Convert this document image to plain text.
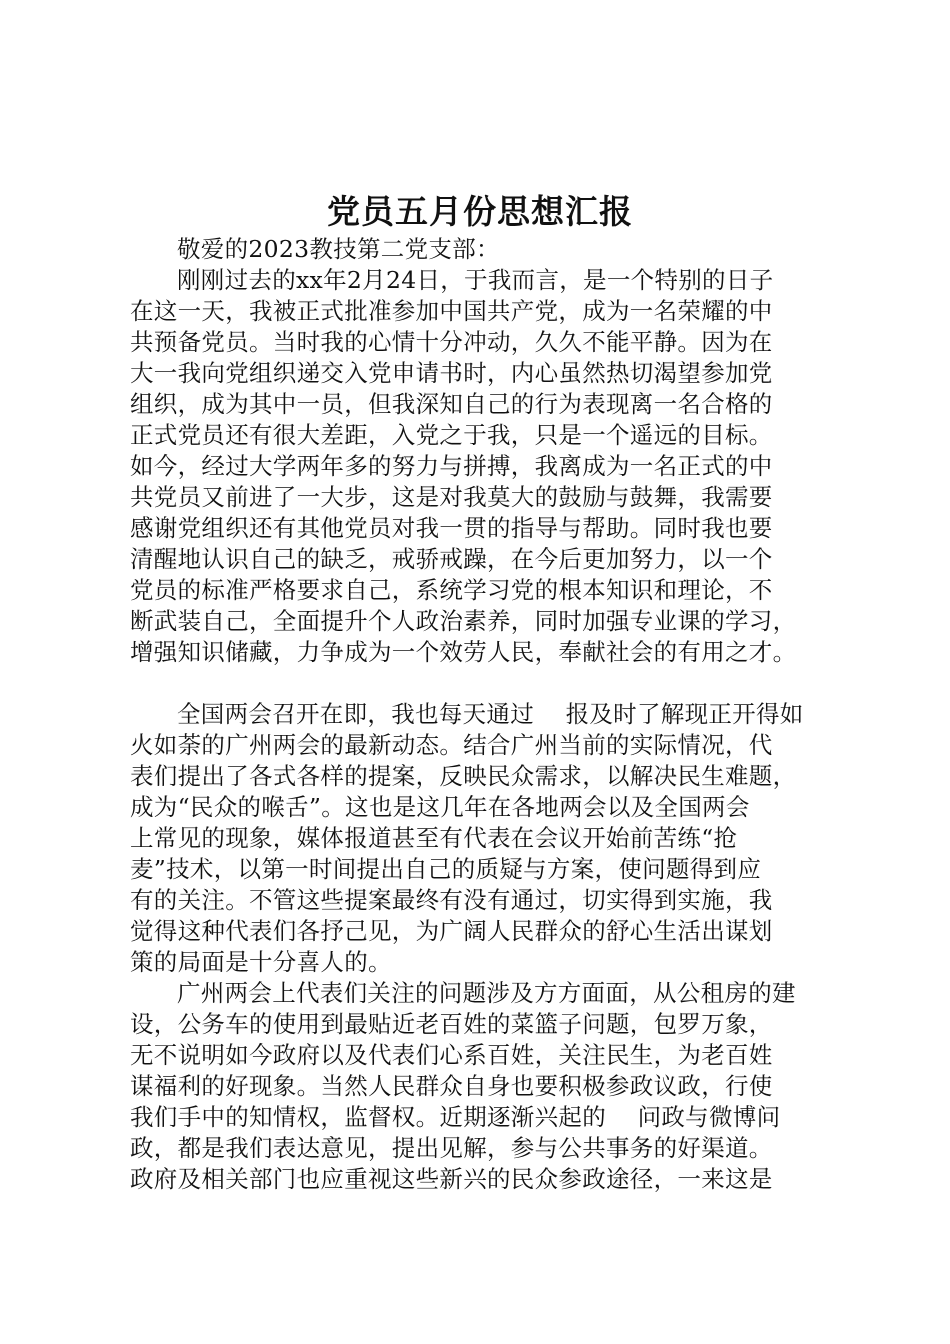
党员五月份思想汇报
敬爱的2023教技第二党支部：
刚刚过去的xx年2月24日，于我而言，是一个特别的日子
在这一天，我被正式批准参加中国共产党，成为一名荣耀的中
共预备党员。当时我的心情十分冲动，久久不能平静。因为在
大一我向党组织递交入党申请书时，内心虽然热切渴望参加党
组织，成为其中一员，但我深知自己的行为表现离一名合格的
正式党员还有很大差距，入党之于我，只是一个遥远的目标。
如今，经过大学两年多的努力与拼搏，我离成为一名正式的中
共党员又前进了一大步，这是对我莫大的鼓励与鼓舞，我需要
感谢党组织还有其他党员对我一贯的指导与帮助。同时我也要
清醒地认识自己的缺乏，戒骄戒躁，在今后更加努力，以一个
党员的标准严格要求自己，系统学习党的根本知识和理论，不
断武装自己，全面提升个人政治素养，同时加强专业课的学习，
增强知识储藏，力争成为一个效劳人民，奉献社会的有用之才。
全国两会召开在即，我也每天通过　 报及时了解现正开得如
火如荼的广州两会的最新动态。结合广州当前的实际情况，代
表们提出了各式各样的提案，反映民众需求，以解决民生难题，
成为“民众的喉舌”。这也是这几年在各地两会以及全国两会
上常见的现象，媒体报道甚至有代表在会议开始前苦练“抢
麦”技术，以第一时间提出自己的质疑与方案，使问题得到应
有的关注。不管这些提案最终有没有通过，切实得到实施，我
觉得这种代表们各抒己见，为广阔人民群众的舒心生活出谋划
策的局面是十分喜人的。
广州两会上代表们关注的问题涉及方方面面，从公租房的建
设，公务车的使用到最贴近老百姓的菜篮子问题，包罗万象，
无不说明如今政府以及代表们心系百姓，关注民生，为老百姓
谋福利的好现象。当然人民群众自身也要积极参政议政，行使
我们手中的知情权，监督权。近期逐渐兴起的　 问政与微博问
政，都是我们表达意见，提出见解，参与公共事务的好渠道。
政府及相关部门也应重视这些新兴的民众参政途径，一来这是
